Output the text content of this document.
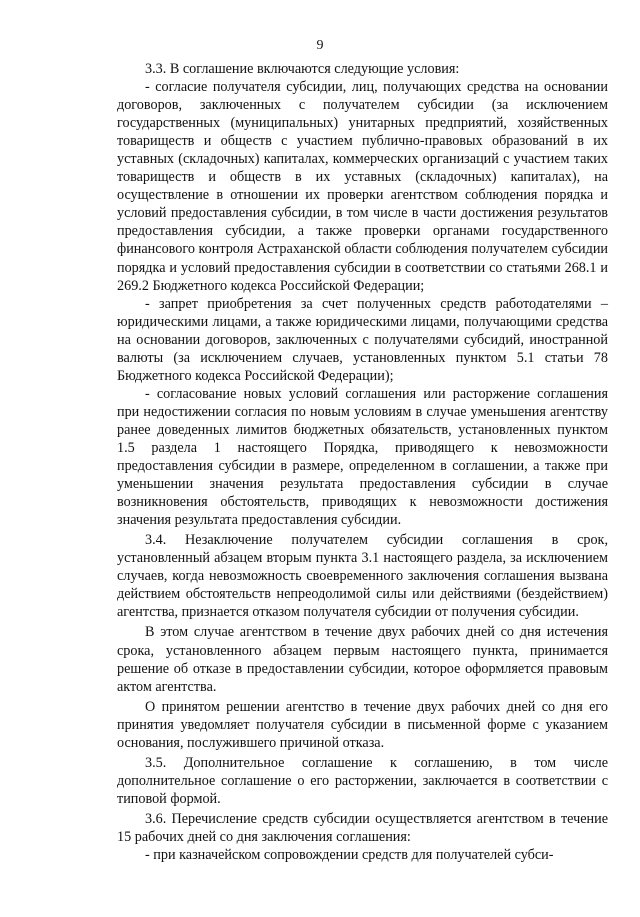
9

3.3. В соглашение включаются следующие условия:

- согласие получателя субсидии, лиц, получающих средства на основании договоров, заключенных с получателем субсидии (за исключением государственных (муниципальных) унитарных предприятий, хозяйственных товариществ и обществ с участием публично-правовых образований в их уставных (складочных) капиталах, коммерческих организаций с участием таких товариществ и обществ в их уставных (складочных) капиталах), на осуществление в отношении их проверки агентством соблюдения порядка и условий предоставления субсидии, в том числе в части достижения результатов предоставления субсидии, а также проверки органами государственного финансового контроля Астраханской области соблюдения получателем субсидии порядка и условий предоставления субсидии в соответствии со статьями 268.1 и 269.2 Бюджетного кодекса Российской Федерации;

- запрет приобретения за счет полученных средств работодателями – юридическими лицами, а также юридическими лицами, получающими средства на основании договоров, заключенных с получателями субсидий, иностранной валюты (за исключением случаев, установленных пунктом 5.1 статьи 78 Бюджетного кодекса Российской Федерации);

- согласование новых условий соглашения или расторжение соглашения при недостижении согласия по новым условиям в случае уменьшения агентству ранее доведенных лимитов бюджетных обязательств, установленных пунктом 1.5 раздела 1 настоящего Порядка, приводящего к невозможности предоставления субсидии в размере, определенном в соглашении, а также при уменьшении значения результата предоставления субсидии в случае возникновения обстоятельств, приводящих к невозможности достижения значения результата предоставления субсидии.

3.4. Незаключение получателем субсидии соглашения в срок, установленный абзацем вторым пункта 3.1 настоящего раздела, за исключением случаев, когда невозможность своевременного заключения соглашения вызвана действием обстоятельств непреодолимой силы или действиями (бездействием) агентства, признается отказом получателя субсидии от получения субсидии.

В этом случае агентством в течение двух рабочих дней со дня истечения срока, установленного абзацем первым настоящего пункта, принимается решение об отказе в предоставлении субсидии, которое оформляется правовым актом агентства.

О принятом решении агентство в течение двух рабочих дней со дня его принятия уведомляет получателя субсидии в письменной форме с указанием основания, послужившего причиной отказа.

3.5. Дополнительное соглашение к соглашению, в том числе дополнительное соглашение о его расторжении, заключается в соответствии с типовой формой.

3.6. Перечисление средств субсидии осуществляется агентством в течение 15 рабочих дней со дня заключения соглашения:

- при казначейском сопровождении средств для получателей субси-
